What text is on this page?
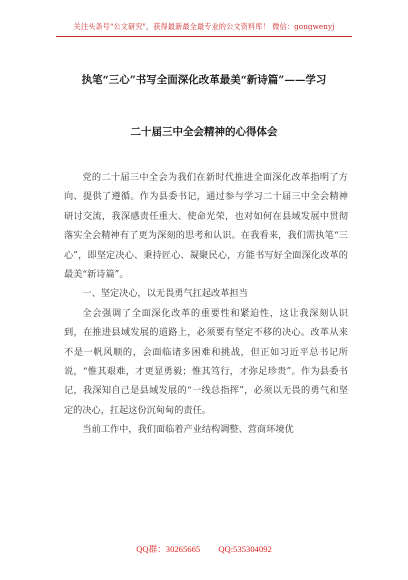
关注头条号"公文研究"，获得最新最全最专业的公文资料库！ 微信：gongwenyj
执笔“三心”书写全面深化改革最美“新诗篇”——学习
二十届三中全会精神的心得体会

党的二十届三中全会为我们在新时代推进全面深化改革指明了方向、提供了遵循。作为县委书记，通过参与学习二十届三中全会精神研讨交流，我深感责任重大、使命光荣，也对如何在县域发展中贯彻落实全会精神有了更为深刻的思考和认识。在我看来，我们需执笔“三心”，即坚定决心、秉持匠心、凝聚民心，方能书写好全面深化改革的最美“新诗篇”。

一、坚定决心，以无畏勇气扛起改革担当

全会强调了全面深化改革的重要性和紧迫性，这让我深刻认识到，在推进县域发展的道路上，必须要有坚定不移的决心。改革从来不是一帆风顺的，会面临诸多困难和挑战，但正如习近平总书记所说，“惟其艰难，才更显勇毅；惟其笃行，才弥足珍贵”。作为县委书记，我深知自己是县域发展的“一线总指挥”，必须以无畏的勇气和坚定的决心，扛起这份沉甸甸的责任。

当前工作中，我们面临着产业结构调整、营商环境优

QQ群：30265665 QQ:535304092
